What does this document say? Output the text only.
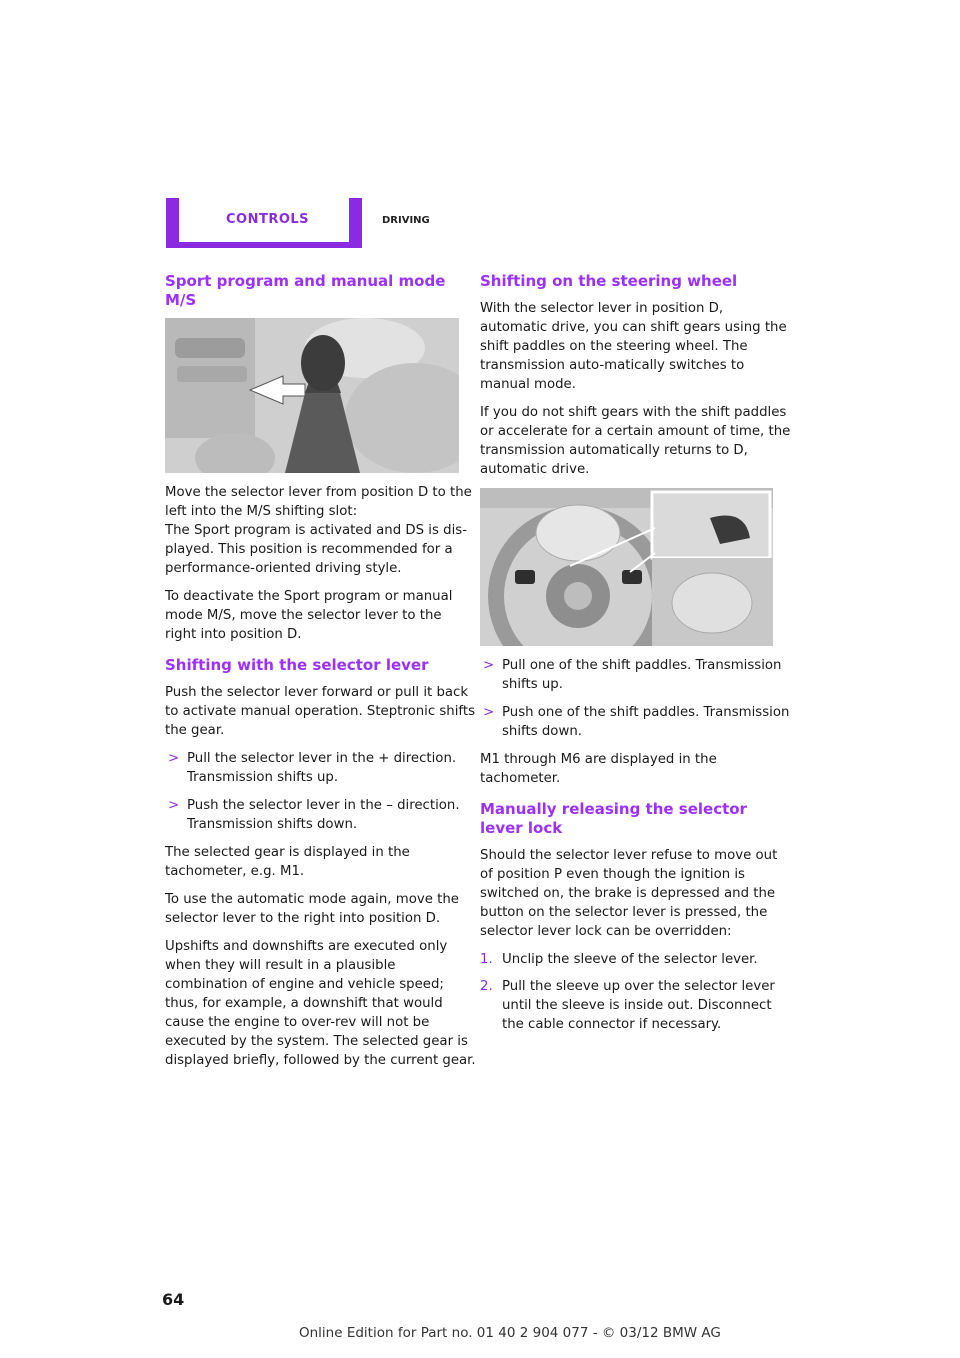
CONTROLS	DRIVING
Sport program and manual mode M/S

Move the selector lever from position D to the left into the M/S shifting slot:

The Sport program is activated and DS is dis-played. This position is recommended for a performance-oriented driving style.

To deactivate the Sport program or manual mode M/S, move the selector lever to the right into position D.

Shifting with the selector lever

Push the selector lever forward or pull it back to activate manual operation. Steptronic shifts the gear.

> Pull the selector lever in the + direction. Transmission shifts up.
> Push the selector lever in the – direction. Transmission shifts down.

The selected gear is displayed in the tachometer, e.g. M1.

To use the automatic mode again, move the selector lever to the right into position D.

Upshifts and downshifts are executed only when they will result in a plausible combination of engine and vehicle speed; thus, for example, a downshift that would cause the engine to over-rev will not be executed by the system. The selected gear is displayed briefly, followed by the current gear.

Shifting on the steering wheel

With the selector lever in position D, automatic drive, you can shift gears using the shift paddles on the steering wheel. The transmission auto-matically switches to manual mode.

If you do not shift gears with the shift paddles or accelerate for a certain amount of time, the transmission automatically returns to D, automatic drive.

> Pull one of the shift paddles. Transmission shifts up.
> Push one of the shift paddles. Transmission shifts down.

M1 through M6 are displayed in the tachometer.

Manually releasing the selector lever lock

Should the selector lever refuse to move out of position P even though the ignition is switched on, the brake is depressed and the button on the selector lever is pressed, the selector lever lock can be overridden:

1. Unclip the sleeve of the selector lever.
2. Pull the sleeve up over the selector lever until the sleeve is inside out. Disconnect the cable connector if necessary.
64
Online Edition for Part no. 01 40 2 904 077 - © 03/12 BMW AG
